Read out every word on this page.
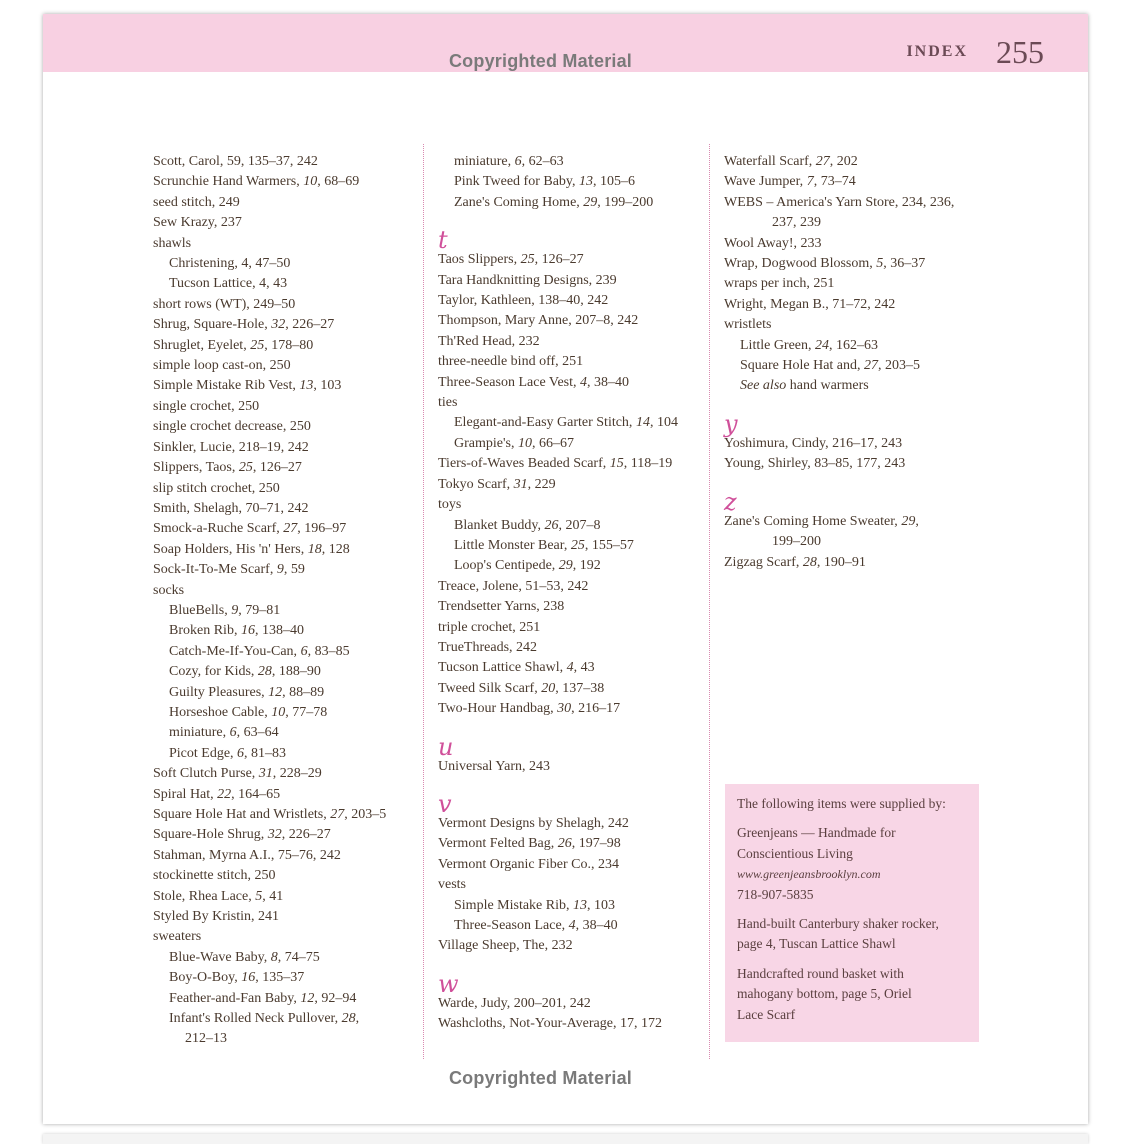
Copyrighted Material	INDEX 255
Scott, Carol, 59, 135–37, 242
Scrunchie Hand Warmers, 10, 68–69
seed stitch, 249
Sew Krazy, 237
shawls
Christening, 4, 47–50
Tucson Lattice, 4, 43
short rows (WT), 249–50
Shrug, Square-Hole, 32, 226–27
Shruglet, Eyelet, 25, 178–80
simple loop cast-on, 250
Simple Mistake Rib Vest, 13, 103
single crochet, 250
single crochet decrease, 250
Sinkler, Lucie, 218–19, 242
Slippers, Taos, 25, 126–27
slip stitch crochet, 250
Smith, Shelagh, 70–71, 242
Smock-a-Ruche Scarf, 27, 196–97
Soap Holders, His 'n' Hers, 18, 128
Sock-It-To-Me Scarf, 9, 59
socks
BlueBells, 9, 79–81
Broken Rib, 16, 138–40
Catch-Me-If-You-Can, 6, 83–85
Cozy, for Kids, 28, 188–90
Guilty Pleasures, 12, 88–89
Horseshoe Cable, 10, 77–78
miniature, 6, 63–64
Picot Edge, 6, 81–83
Soft Clutch Purse, 31, 228–29
Spiral Hat, 22, 164–65
Square Hole Hat and Wristlets, 27, 203–5
Square-Hole Shrug, 32, 226–27
Stahman, Myrna A.I., 75–76, 242
stockinette stitch, 250
Stole, Rhea Lace, 5, 41
Styled By Kristin, 241
sweaters
Blue-Wave Baby, 8, 74–75
Boy-O-Boy, 16, 135–37
Feather-and-Fan Baby, 12, 92–94
Infant's Rolled Neck Pullover, 28,
212–13
miniature, 6, 62–63
Pink Tweed for Baby, 13, 105–6
Zane's Coming Home, 29, 199–200
t
Taos Slippers, 25, 126–27
Tara Handknitting Designs, 239
Taylor, Kathleen, 138–40, 242
Thompson, Mary Anne, 207–8, 242
Th'Red Head, 232
three-needle bind off, 251
Three-Season Lace Vest, 4, 38–40
ties
Elegant-and-Easy Garter Stitch, 14, 104
Grampie's, 10, 66–67
Tiers-of-Waves Beaded Scarf, 15, 118–19
Tokyo Scarf, 31, 229
toys
Blanket Buddy, 26, 207–8
Little Monster Bear, 25, 155–57
Loop's Centipede, 29, 192
Treace, Jolene, 51–53, 242
Trendsetter Yarns, 238
triple crochet, 251
TrueThreads, 242
Tucson Lattice Shawl, 4, 43
Tweed Silk Scarf, 20, 137–38
Two-Hour Handbag, 30, 216–17
u
Universal Yarn, 243
v
Vermont Designs by Shelagh, 242
Vermont Felted Bag, 26, 197–98
Vermont Organic Fiber Co., 234
vests
Simple Mistake Rib, 13, 103
Three-Season Lace, 4, 38–40
Village Sheep, The, 232
w
Warde, Judy, 200–201, 242
Washcloths, Not-Your-Average, 17, 172
Waterfall Scarf, 27, 202
Wave Jumper, 7, 73–74
WEBS – America's Yarn Store, 234, 236,
237, 239
Wool Away!, 233
Wrap, Dogwood Blossom, 5, 36–37
wraps per inch, 251
Wright, Megan B., 71–72, 242
wristlets
Little Green, 24, 162–63
Square Hole Hat and, 27, 203–5
See also hand warmers
y
Yoshimura, Cindy, 216–17, 243
Young, Shirley, 83–85, 177, 243
z
Zane's Coming Home Sweater, 29,
199–200
Zigzag Scarf, 28, 190–91

The following items were supplied by:

Greenjeans — Handmade for
Conscientious Living
www.greenjeansbrooklyn.com
718-907-5835

Hand-built Canterbury shaker rocker,
page 4, Tuscan Lattice Shawl

Handcrafted round basket with
mahogany bottom, page 5, Oriel
Lace Scarf

Copyrighted Material
